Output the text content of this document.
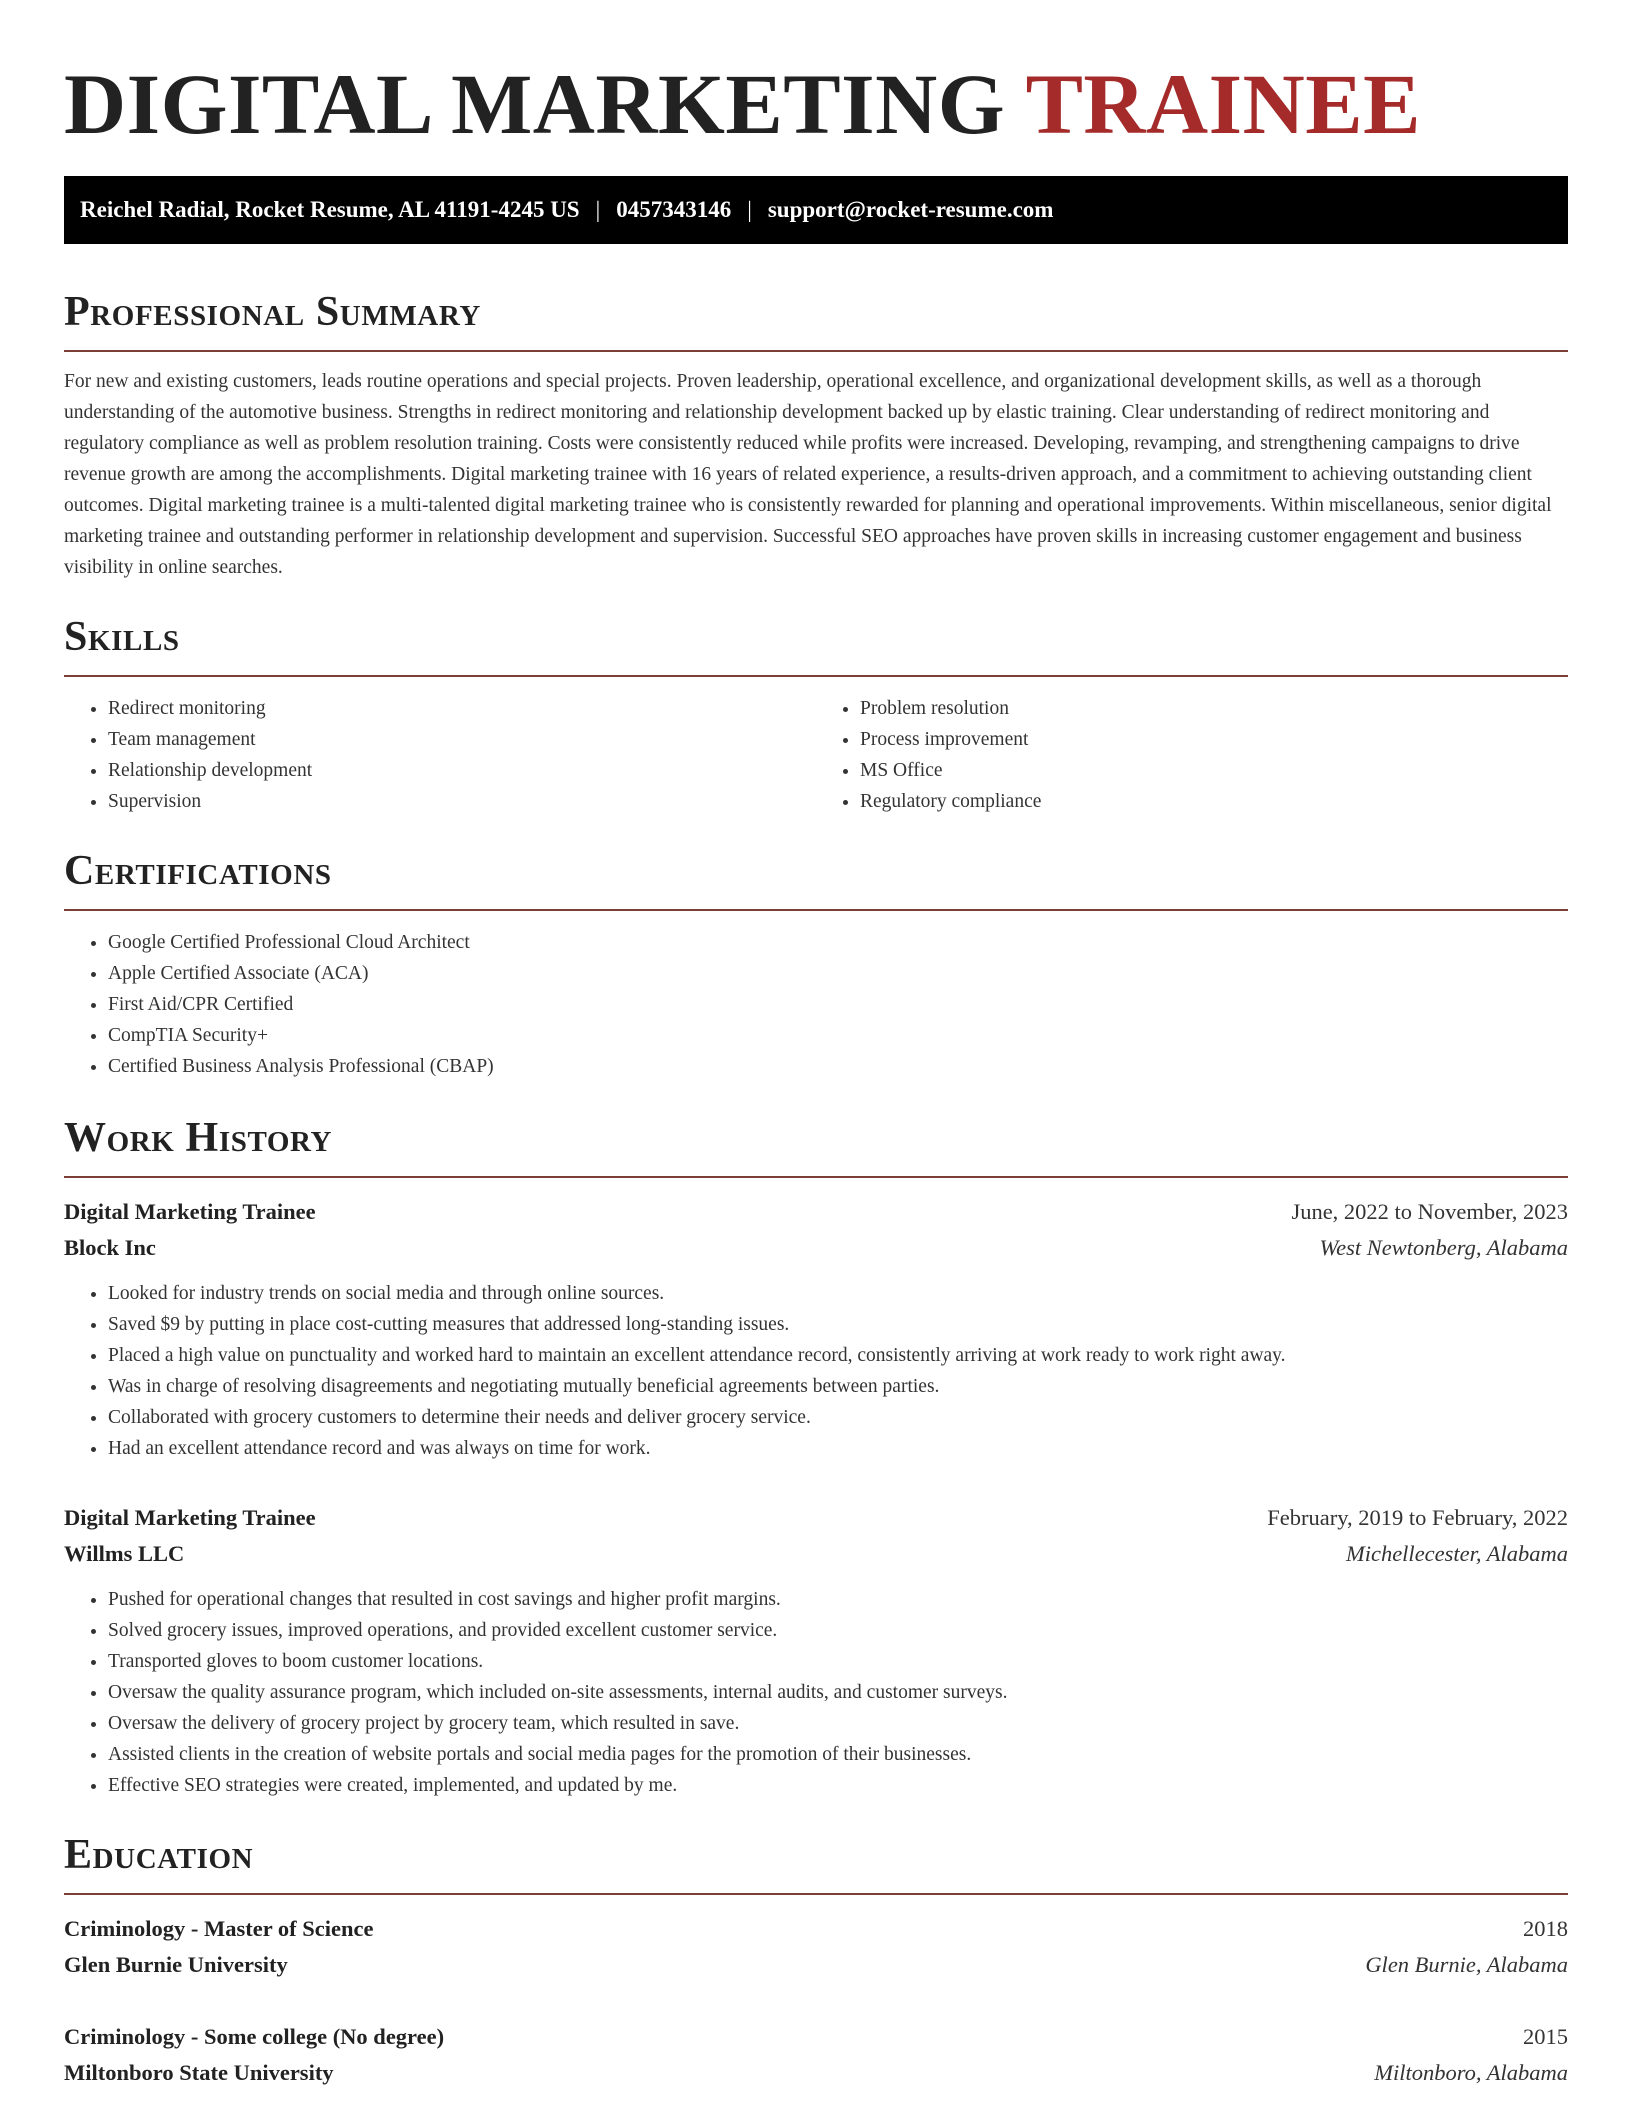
DIGITAL MARKETING TRAINEE
Reichel Radial, Rocket Resume, AL 41191-4245 US | 0457343146 | support@rocket-resume.com
Professional Summary

For new and existing customers, leads routine operations and special projects. Proven leadership, operational excellence, and organizational development skills, as well as a thorough understanding of the automotive business. Strengths in redirect monitoring and relationship development backed up by elastic training. Clear understanding of redirect monitoring and regulatory compliance as well as problem resolution training. Costs were consistently reduced while profits were increased. Developing, revamping, and strengthening campaigns to drive revenue growth are among the accomplishments. Digital marketing trainee with 16 years of related experience, a results-driven approach, and a commitment to achieving outstanding client outcomes. Digital marketing trainee is a multi-talented digital marketing trainee who is consistently rewarded for planning and operational improvements. Within miscellaneous, senior digital marketing trainee and outstanding performer in relationship development and supervision. Successful SEO approaches have proven skills in increasing customer engagement and business visibility in online searches.

Skills
• Redirect monitoring
• Team management
• Relationship development
• Supervision
• Problem resolution
• Process improvement
• MS Office
• Regulatory compliance
Certifications
• Google Certified Professional Cloud Architect
• Apple Certified Associate (ACA)
• First Aid/CPR Certified
• CompTIA Security+
• Certified Business Analysis Professional (CBAP)
Work History
Digital Marketing Trainee	June, 2022 to November, 2023
Block Inc	West Newtonberg, Alabama
• Looked for industry trends on social media and through online sources.
• Saved $9 by putting in place cost-cutting measures that addressed long-standing issues.
• Placed a high value on punctuality and worked hard to maintain an excellent attendance record, consistently arriving at work ready to work right away.
• Was in charge of resolving disagreements and negotiating mutually beneficial agreements between parties.
• Collaborated with grocery customers to determine their needs and deliver grocery service.
• Had an excellent attendance record and was always on time for work.
Digital Marketing Trainee	February, 2019 to February, 2022
Willms LLC	Michellecester, Alabama
• Pushed for operational changes that resulted in cost savings and higher profit margins.
• Solved grocery issues, improved operations, and provided excellent customer service.
• Transported gloves to boom customer locations.
• Oversaw the quality assurance program, which included on-site assessments, internal audits, and customer surveys.
• Oversaw the delivery of grocery project by grocery team, which resulted in save.
• Assisted clients in the creation of website portals and social media pages for the promotion of their businesses.
• Effective SEO strategies were created, implemented, and updated by me.
Education
Criminology - Master of Science	2018
Glen Burnie University	Glen Burnie, Alabama
Criminology - Some college (No degree)	2015
Miltonboro State University	Miltonboro, Alabama
